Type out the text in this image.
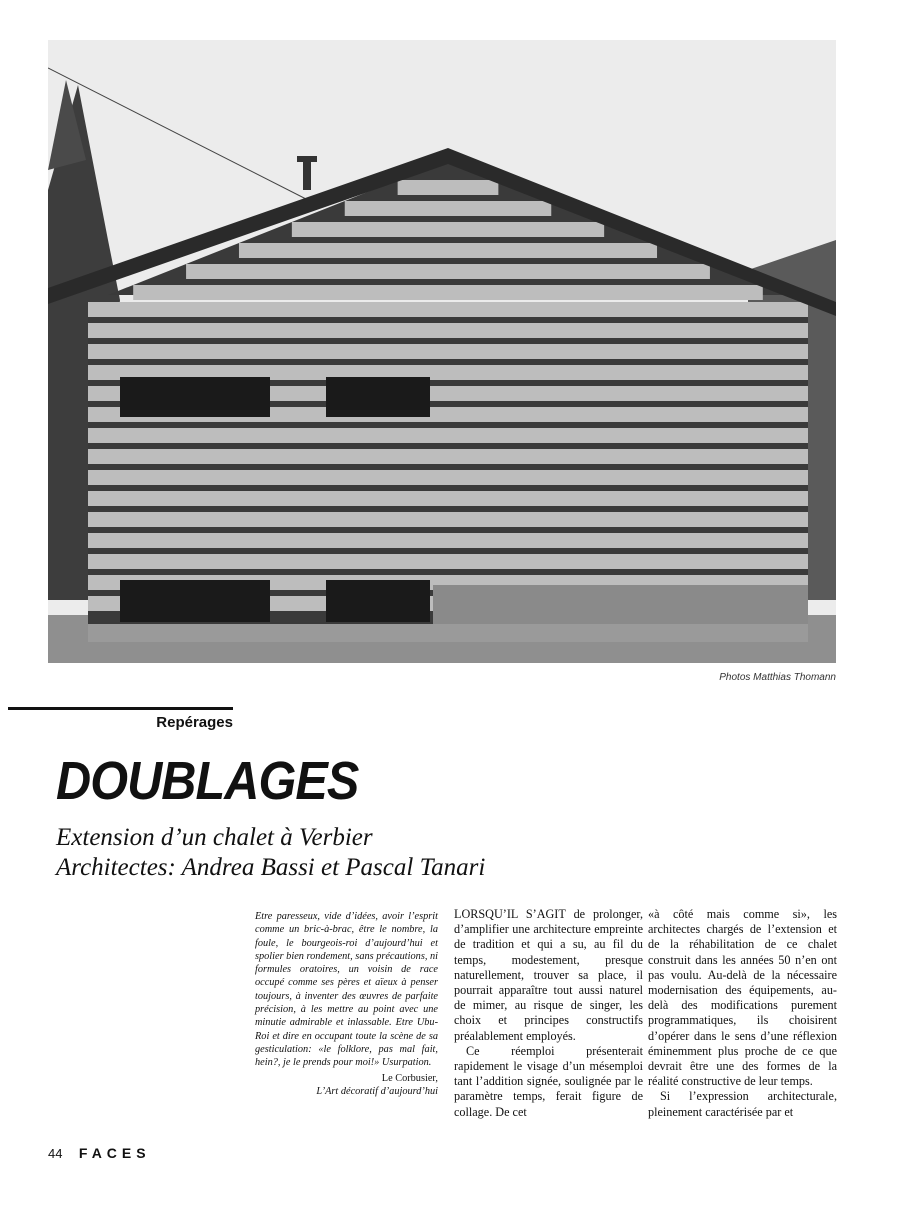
Photos Matthias Thomann
Repérages
DOUBLAGES
Extension d’un chalet à Verbier
Architectes: Andrea Bassi et Pascal Tanari
Etre paresseux, vide d’idées, avoir l’esprit comme un bric-à-brac, être le nombre, la foule, le bourgeois-roi d’aujourd’hui et spolier bien rondement, sans précautions, ni formules oratoires, un voisin de race occupé comme ses pères et aïeux à penser toujours, à inventer des œuvres de parfaite précision, à les mettre au point avec une minutie admirable et inlassable. Etre Ubu-Roi et dire en occupant toute la scène de sa gesticulation: «le folklore, pas mal fait, hein?, je le prends pour moi!» Usurpation.
Le Corbusier,
L’Art décoratif d’aujourd’hui

LORSQU’IL S’AGIT de prolonger, d’amplifier une architecture empreinte de tradition et qui a su, au fil du temps, modestement, presque naturellement, trouver sa place, il pourrait apparaître tout aussi naturel de mimer, au risque de singer, les choix et principes constructifs préalablement employés.

Ce réemploi présenterait rapidement le visage d’un mésemploi tant l’addition signée, soulignée par le paramètre temps, ferait figure de collage. De cet

«à côté mais comme si», les architectes chargés de l’extension et de la réhabilitation de ce chalet construit dans les années 50 n’en ont pas voulu. Au-delà de la nécessaire modernisation des équipements, au-delà des modifications purement programmatiques, ils choisirent d’opérer dans le sens d’une réflexion éminemment plus proche de ce que devrait être une des formes de la réalité constructive de leur temps.

Si l’expression architecturale, pleinement caractérisée par et

44 FACES
